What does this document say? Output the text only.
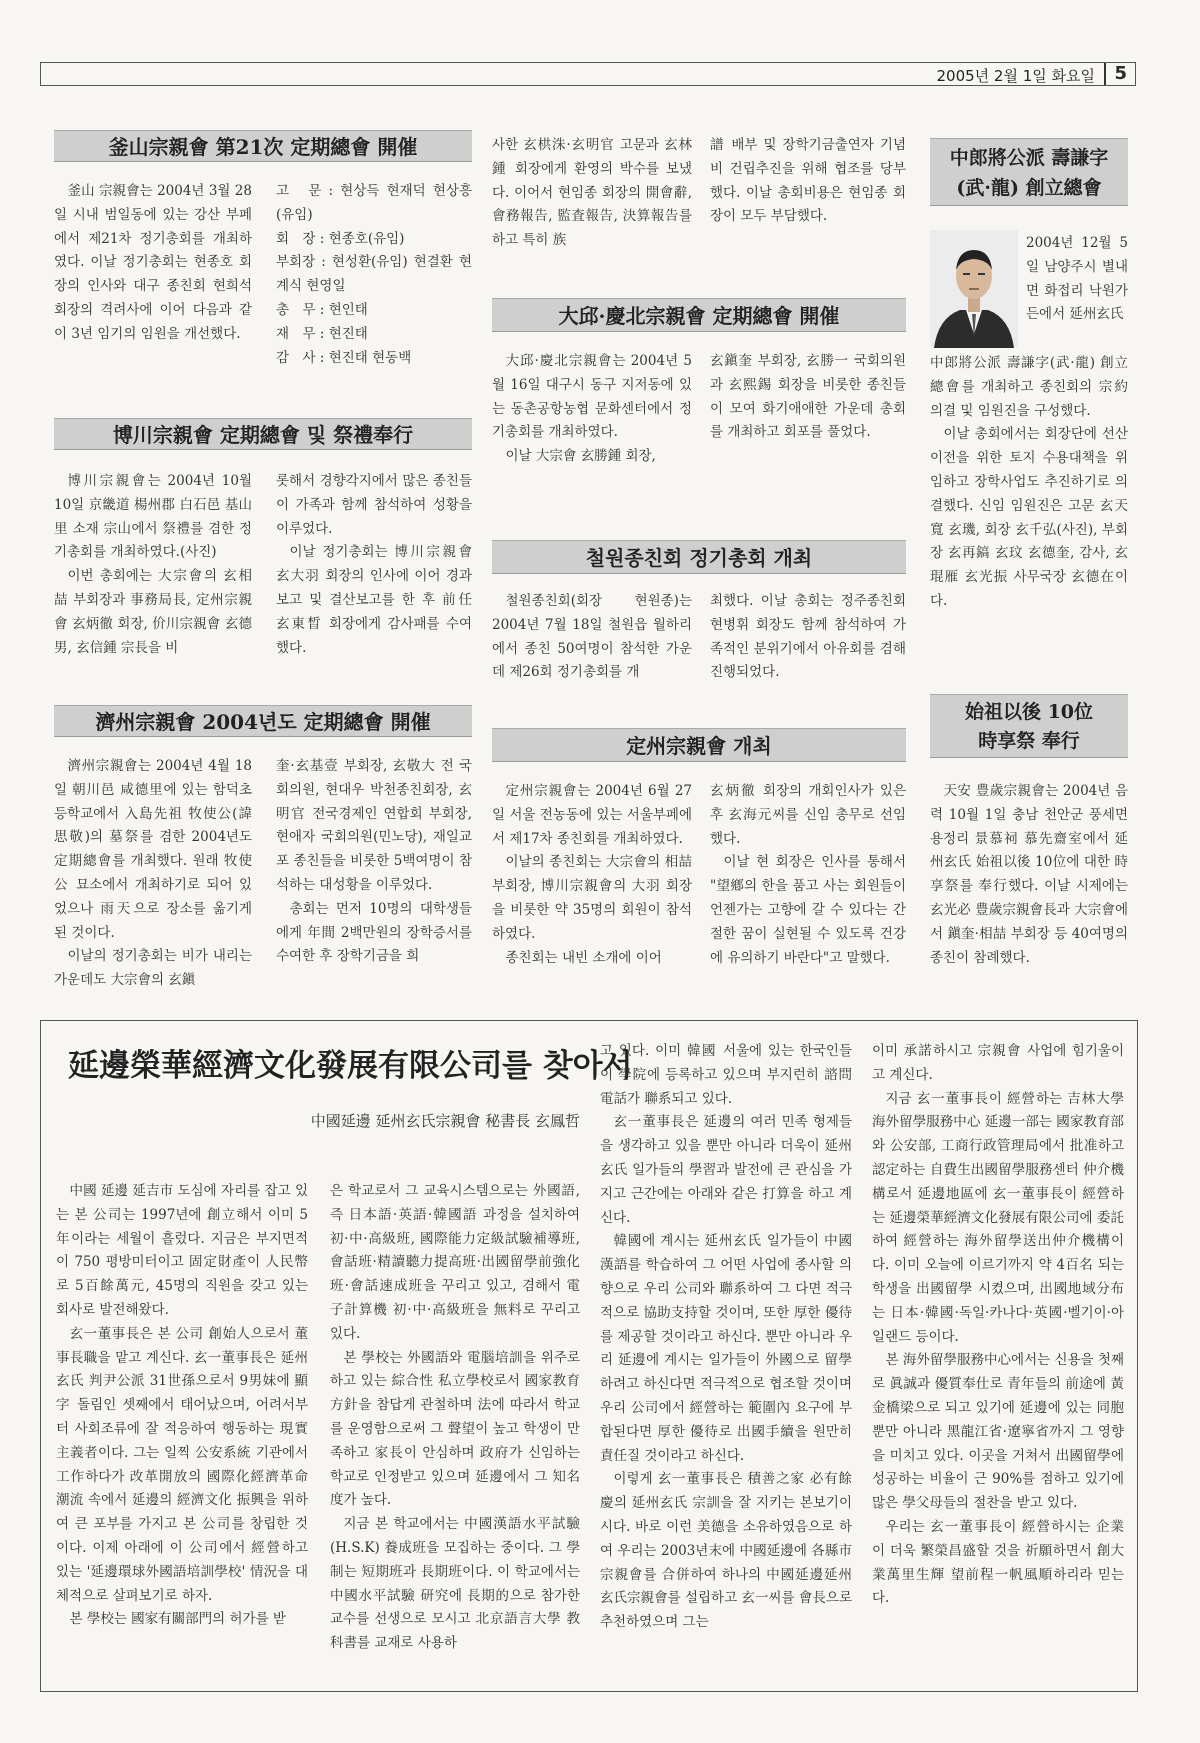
2005년 2월 1일 화요일	5
釜山宗親會 第21次 定期總會 開催

釜山 宗親會는 2004년 3월 28일 시내 범일동에 있는 강산 부페에서 제21차 정기총회를 개최하였다. 이날 정기총회는 현종호 회장의 인사와 대구 종친회 현희석 회장의 격려사에 이어 다음과 같이 3년 임기의 임원을 개선했다.

고　문 : 현상득 현재덕 현상흥(유임)

회　장 : 현종호(유임)

부회장 : 현성환(유임) 현결환 현계식 현영일

총　무 : 현인태

재　무 : 현진태

감　사 : 현진태 현동백

博川宗親會 定期總會 및 祭禮奉行

博川宗親會는 2004년 10월 10일 京畿道 楊州郡 白石邑 基山里 소재 宗山에서 祭禮를 겸한 정기총회를 개최하였다.(사진)

이번 총회에는 大宗會의 玄相喆 부회장과 事務局長, 定州宗親會 玄炳徹 회장, 价川宗親會 玄德男, 玄信鍾 宗長을 비

롯해서 경향각지에서 많은 종친들이 가족과 함께 참석하여 성황을 이루었다.

이날 정기총회는 博川宗親會 玄大羽 회장의 인사에 이어 경과보고 및 결산보고를 한 후 前任 玄東晳 회장에게 감사패를 수여했다.

濟州宗親會 2004년도 定期總會 開催

濟州宗親會는 2004년 4월 18일 朝川邑 咸德里에 있는 함덕초등학교에서 入島先祖 牧使公(諱 思敬)의 墓祭를 겸한 2004년도 定期總會를 개최했다. 원래 牧使公 묘소에서 개최하기로 되어 있었으나 雨天으로 장소를 옮기게 된 것이다.

이날의 정기총회는 비가 내리는 가운데도 大宗會의 玄鎭

奎·玄基壹 부회장, 玄敬大 전 국회의원, 현대우 박천종친회장, 玄明官 전국경제인 연합회 부회장, 현애자 국회의원(민노당), 재일교포 종친들을 비롯한 5백여명이 참석하는 대성황을 이루었다.

총회는 먼저 10명의 대학생들에게 年間 2백만원의 장학증서를 수여한 후 장학기금을 희

사한 玄栱洙·玄明官 고문과 玄林鍾 회장에게 환영의 박수를 보냈다. 이어서 현임종 회장의 開會辭, 會務報告, 監査報告, 決算報告를 하고 특히 族

譜 배부 및 장학기금출연자 기념비 건립추진을 위해 협조를 당부했다. 이날 총회비용은 현임종 회장이 모두 부담했다.

大邱·慶北宗親會 定期總會 開催

大邱·慶北宗親會는 2004년 5월 16일 대구시 동구 지저동에 있는 동촌공항농협 문화센터에서 정기총회를 개최하였다.

이날 大宗會 玄勝鍾 회장,

玄鎭奎 부회장, 玄勝一 국회의원과 玄熙錫 회장을 비롯한 종친들이 모여 화기애애한 가운데 총회를 개최하고 회포를 풀었다.

철원종친회 정기총회 개최

철원종친회(회장 현원종)는 2004년 7월 18일 철원읍 월하리에서 종친 50여명이 참석한 가운데 제26회 정기총회를 개

최했다. 이날 총회는 정주종친회 현병휘 회장도 함께 참석하여 가족적인 분위기에서 아유회를 겸해 진행되었다.

定州宗親會 개최

定州宗親會는 2004년 6월 27일 서울 전농동에 있는 서울부페에서 제17차 종친회를 개최하였다.

이날의 종친회는 大宗會의 相喆 부회장, 博川宗親會의 大羽 회장을 비롯한 약 35명의 회원이 참석하였다.

종친회는 내빈 소개에 이어

玄炳徹 회장의 개회인사가 있은 후 玄海元씨를 신임 총무로 선임했다.

이날 현 회장은 인사를 통해서 "望鄕의 한을 품고 사는 회원들이 언젠가는 고향에 갈 수 있다는 간절한 꿈이 실현될 수 있도록 건강에 유의하기 바란다"고 말했다.

中郎將公派 壽謙字
(武·龍) 創立總會

2004년 12월 5일 남양주시 별내면 화접리 낙원가든에서 延州玄氏

中郎將公派 壽謙字(武·龍) 創立總會를 개최하고 종친회의 宗約 의결 및 임원진을 구성했다.

이날 총회에서는 회장단에 선산이전을 위한 토지 수용대책을 위임하고 장학사업도 추진하기로 의결했다. 신임 임원진은 고문 玄天寬 玄璣, 회장 玄千弘(사진), 부회장 玄再鎬 玄玟 玄德奎, 감사, 玄琨雁 玄光振 사무국장 玄德在이다.

始祖以後 10位
時享祭 奉行

天安 豊歲宗親會는 2004년 음력 10월 1일 충남 천안군 풍세면 용정리 景慕祠 慕先齋室에서 延州玄氏 始祖以後 10位에 대한 時享祭를 奉行했다. 이날 시제에는 玄光必 豊歲宗親會長과 大宗會에서 鎭奎·相喆 부회장 등 40여명의 종친이 참례했다.

延邊榮華經濟文化發展有限公司를 찾아서
中國延邊 延州玄氏宗親會 秘書長 玄鳳哲

中國 延邊 延吉市 도심에 자리를 잡고 있는 본 公司는 1997년에 創立해서 이미 5年이라는 세월이 흘렀다. 지금은 부지면적이 750 평방미터이고 固定財產이 人民幣로 5百餘萬元, 45명의 직원을 갖고 있는 회사로 발전해왔다.

玄一董事長은 본 公司 創始人으로서 董事長職을 맡고 계신다. 玄一董事長은 延州玄氏 判尹公派 31世孫으로서 9男妹에 顯字 돌림인 셋째에서 태어났으며, 어려서부터 사회조류에 잘 적응하여 행동하는 現實主義者이다. 그는 일찍 公安系統 기관에서 工作하다가 改革開放의 國際化經濟革命 潮流 속에서 延邊의 經濟文化 振興을 위하여 큰 포부를 가지고 본 公司를 창립한 것이다. 이제 아래에 이 公司에서 經營하고 있는 '延邊環球外國語培訓學校' 情況을 대체적으로 살펴보기로 하자.

본 學校는 國家有關部門의 허가를 받

은 학교로서 그 교육시스템으로는 外國語, 즉 日本語·英語·韓國語 과정을 설치하여 初·中·高級班, 國際能力定級試驗補導班, 會話班·精讀聽力提高班·出國留學前強化班·會話速成班을 꾸리고 있고, 겸해서 電子計算機 初·中·高級班을 無料로 꾸리고 있다.

본 學校는 外國語와 電腦培訓을 위주로 하고 있는 綜合性 私立學校로서 國家教育方針을 참답게 관철하며 法에 따라서 학교를 운영함으로써 그 聲望이 높고 학생이 만족하고 家長이 안심하며 政府가 신임하는 학교로 인정받고 있으며 延邊에서 그 知名度가 높다.

지금 본 학교에서는 中國漢語水平試驗(H.S.K) 養成班을 모집하는 중이다. 그 學制는 短期班과 長期班이다. 이 학교에서는 中國水平試驗 研究에 長期的으로 참가한 교수를 선생으로 모시고 北京語言大學 教科書를 교재로 사용하

고 있다. 이미 韓國 서울에 있는 한국인들이 學院에 등록하고 있으며 부지런히 諮問電話가 聯系되고 있다.

玄一董事長은 延邊의 여러 민족 형제들을 생각하고 있을 뿐만 아니라 더욱이 延州玄氏 일가들의 學習과 발전에 큰 관심을 가지고 근간에는 아래와 같은 打算을 하고 계신다.

韓國에 계시는 延州玄氏 일가들이 中國漢語를 학습하여 그 어떤 사업에 종사할 의향으로 우리 公司와 聯系하여 그 다면 적극적으로 協助支持할 것이며, 또한 厚한 優待를 제공할 것이라고 하신다. 뿐만 아니라 우리 延邊에 계시는 일가들이 外國으로 留學하려고 하신다면 적극적으로 협조할 것이며 우리 公司에서 經營하는 範圍內 요구에 부합된다면 厚한 優待로 出國手續을 원만히 責任질 것이라고 하신다.

이렇게 玄一董事長은 積善之家 必有餘慶의 延州玄氏 宗訓을 잘 지키는 본보기이시다. 바로 이런 美德을 소유하였음으로 하여 우리는 2003년末에 中國延邊에 各縣市 宗親會를 合併하여 하나의 中國延邊延州玄氏宗親會를 설립하고 玄一씨를 會長으로 추천하였으며 그는

이미 承諾하시고 宗親會 사업에 힘기울이고 계신다.

지금 玄一董事長이 經營하는 吉林大學 海外留學服務中心 延邊一部는 國家教育部와 公安部, 工商行政管理局에서 批准하고 認定하는 自費生出國留學服務센터 仲介機構로서 延邊地區에 玄一董事長이 經營하는 延邊榮華經濟文化發展有限公司에 委託하여 經營하는 海外留學送出仲介機構이다. 이미 오늘에 이르기까지 약 4百名 되는 학생을 出國留學 시켰으며, 出國地域分布는 日本·韓國·독일·카나다·英國·벨기이·아일랜드 등이다.

본 海外留學服務中心에서는 신용을 첫째로 眞誠과 優質奉仕로 青年들의 前途에 黃金橋梁으로 되고 있기에 延邊에 있는 同胞뿐만 아니라 黑龍江省·遼寧省까지 그 영향을 미치고 있다. 이곳을 거쳐서 出國留學에 성공하는 비율이 근 90%를 점하고 있기에 많은 學父母들의 절찬을 받고 있다.

우리는 玄一董事長이 經營하시는 企業이 더욱 繁榮昌盛할 것을 祈願하면서 創大業萬里生輝 望前程一帆風順하리라 믿는다.
